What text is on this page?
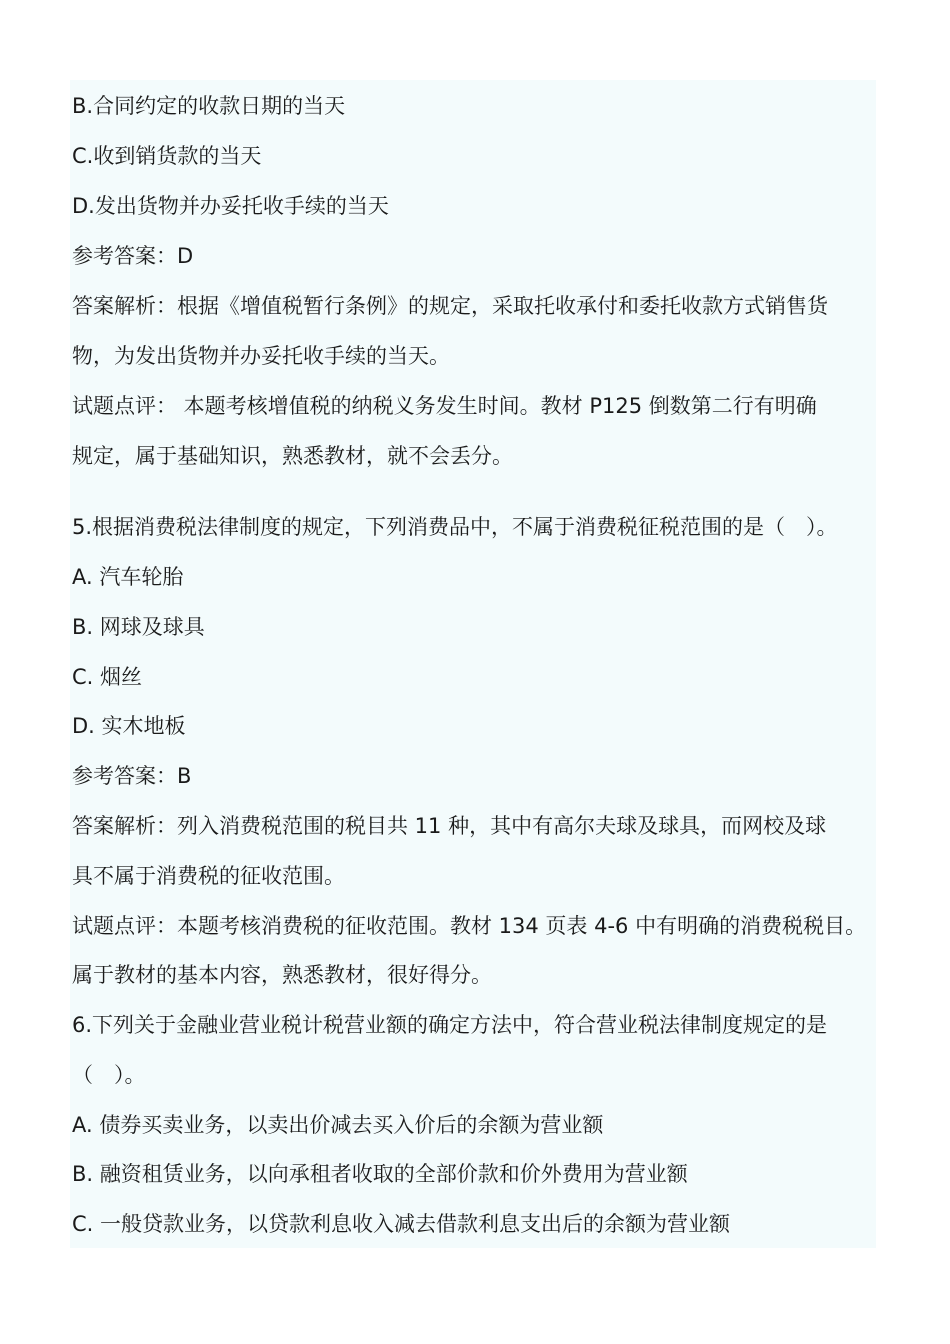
B.合同约定的收款日期的当天
C.收到销货款的当天
D.发出货物并办妥托收手续的当天
参考答案：D
答案解析：根据《增值税暂行条例》的规定，采取托收承付和委托收款方式销售货
物，为发出货物并办妥托收手续的当天。
试题点评： 本题考核增值税的纳税义务发生时间。教材 P125 倒数第二行有明确
规定，属于基础知识，熟悉教材，就不会丢分。
5.根据消费税法律制度的规定，下列消费品中，不属于消费税征税范围的是（　）。
A. 汽车轮胎
B. 网球及球具
C. 烟丝
D. 实木地板
参考答案：B
答案解析：列入消费税范围的税目共 11 种，其中有高尔夫球及球具，而网校及球
具不属于消费税的征收范围。
试题点评：本题考核消费税的征收范围。教材 134 页表 4-6 中有明确的消费税税目。
属于教材的基本内容，熟悉教材，很好得分。
6.下列关于金融业营业税计税营业额的确定方法中，符合营业税法律制度规定的是
（　）。
A. 债券买卖业务，以卖出价减去买入价后的余额为营业额
B. 融资租赁业务，以向承租者收取的全部价款和价外费用为营业额
C. 一般贷款业务，以贷款利息收入减去借款利息支出后的余额为营业额
